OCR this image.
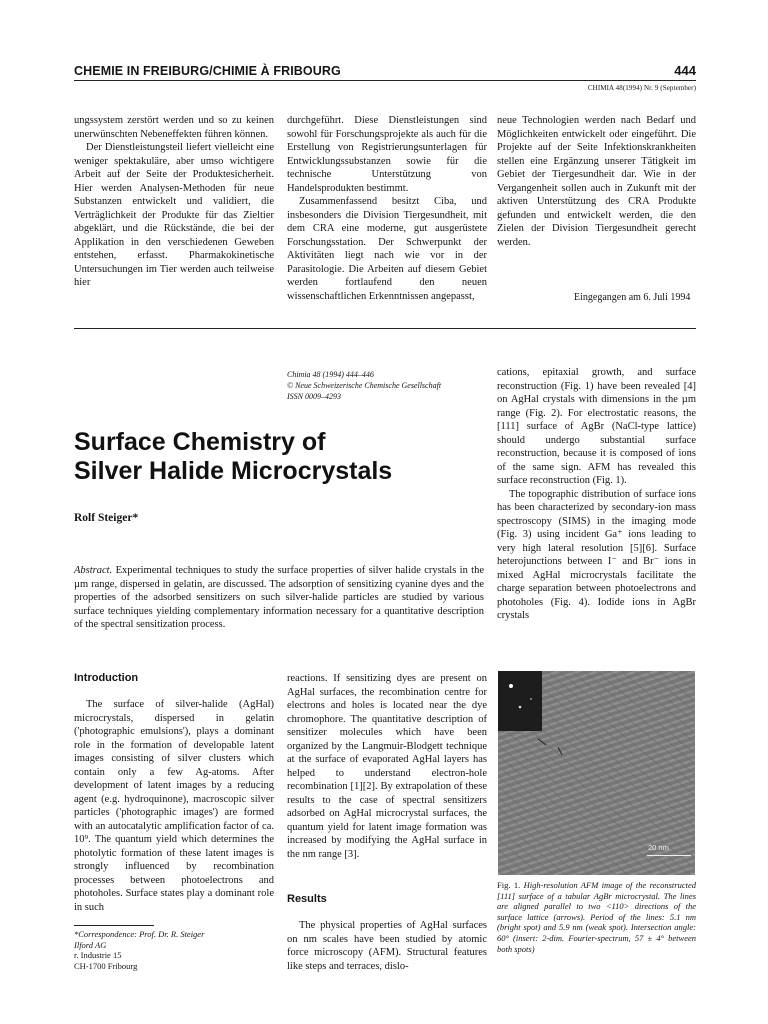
CHEMIE IN FREIBURG/CHIMIE À FRIBOURG	444
CHIMIA 48(1994) Nr. 9 (September)

ungssystem zerstört werden und so zu keinen unerwünschten Nebeneffekten führen können.

Der Dienstleistungsteil liefert vielleicht eine weniger spektakuläre, aber umso wichtigere Arbeit auf der Seite der Produktesicherheit. Hier werden Analysen-Methoden für neue Substanzen entwickelt und validiert, die Verträglichkeit der Produkte für das Zieltier abgeklärt, und die Rückstände, die bei der Applikation in den verschiedenen Geweben entstehen, erfasst. Pharmakokinetische Untersuchungen im Tier werden auch teilweise hier

durchgeführt. Diese Dienstleistungen sind sowohl für Forschungsprojekte als auch für die Erstellung von Registrierungsunterlagen für Entwicklungssubstanzen sowie für die technische Unterstützung von Handelsprodukten bestimmt.

Zusammenfassend besitzt Ciba, und insbesonders die Division Tiergesundheit, mit dem CRA eine moderne, gut ausgerüstete Forschungsstation. Der Schwerpunkt der Aktivitäten liegt nach wie vor in der Parasitologie. Die Arbeiten auf diesem Gebiet werden fortlaufend den neuen wissenschaftlichen Erkenntnissen angepasst,

neue Technologien werden nach Bedarf und Möglichkeiten entwickelt oder eingeführt. Die Projekte auf der Seite Infektionskrankheiten stellen eine Ergänzung unserer Tätigkeit im Gebiet der Tiergesundheit dar. Wie in der Vergangenheit sollen auch in Zukunft mit der aktiven Unterstützung des CRA Produkte gefunden und entwickelt werden, die den Zielen der Division Tiergesundheit gerecht werden.

Eingegangen am 6. Juli 1994
Chimia 48 (1994) 444–446
© Neue Schweizerische Chemische Gesellschaft
ISSN 0009–4293
Surface Chemistry of
Silver Halide Microcrystals
Rolf Steiger*

cations, epitaxial growth, and surface reconstruction (Fig. 1) have been revealed [4] on AgHal crystals with dimensions in the µm range (Fig. 2). For electrostatic reasons, the [111] surface of AgBr (NaCl-type lattice) should undergo substantial surface reconstruction, because it is composed of ions of the same sign. AFM has revealed this surface reconstruction (Fig. 1).

The topographic distribution of surface ions has been characterized by secondary-ion mass spectroscopy (SIMS) in the imaging mode (Fig. 3) using incident Ga⁺ ions leading to very high lateral resolution [5][6]. Surface heterojunctions between I⁻ and Br⁻ ions in mixed AgHal microcrystals facilitate the charge separation between photoelectrons and photoholes (Fig. 4). Iodide ions in AgBr crystals

Abstract. Experimental techniques to study the surface properties of silver halide crystals in the µm range, dispersed in gelatin, are discussed. The adsorption of sensitizing cyanine dyes and the properties of the adsorbed sensitizers on such silver-halide particles are studied by various surface techniques yielding complementary information necessary for a quantitative description of the spectral sensitization process.

Introduction

The surface of silver-halide (AgHal) microcrystals, dispersed in gelatin ('photographic emulsions'), plays a dominant role in the formation of developable latent images consisting of silver clusters which contain only a few Ag-atoms. After development of latent images by a reducing agent (e.g. hydroquinone), macroscopic silver particles ('photographic images') are formed with an autocatalytic amplification factor of ca. 10⁹. The quantum yield which determines the photolytic formation of these latent images is strongly influenced by recombination processes between photoelectrons and photoholes. Surface states play a dominant role in such

reactions. If sensitizing dyes are present on AgHal surfaces, the recombination centre for electrons and holes is located near the dye chromophore. The quantitative description of sensitizer molecules which have been organized by the Langmuir-Blodgett technique at the surface of evaporated AgHal layers has helped to understand electron-hole recombination [1][2]. By extrapolation of these results to the case of spectral sensitizers adsorbed on AgHal microcrystal surfaces, the quantum yield for latent image formation was increased by modifying the AgHal surface in the nm range [3].

Results

The physical properties of AgHal surfaces on nm scales have been studied by atomic force microscopy (AFM). Structural features like steps and terraces, dislo-

*Correspondence: Prof. Dr. R. Steiger
Ilford AG
r. Industrie 15
CH-1700 Fribourg
20 nm

Fig. 1. High-resolution AFM image of the reconstructed [111] surface of a tabular AgBr microcrystal. The lines are aligned parallel to two <110> directions of the surface lattice (arrows). Period of the lines: 5.1 nm (bright spot) and 5.9 nm (weak spot). Intersection angle: 60° (insert: 2-dim. Fourier-spectrum, 57 ± 4° between both spots)
